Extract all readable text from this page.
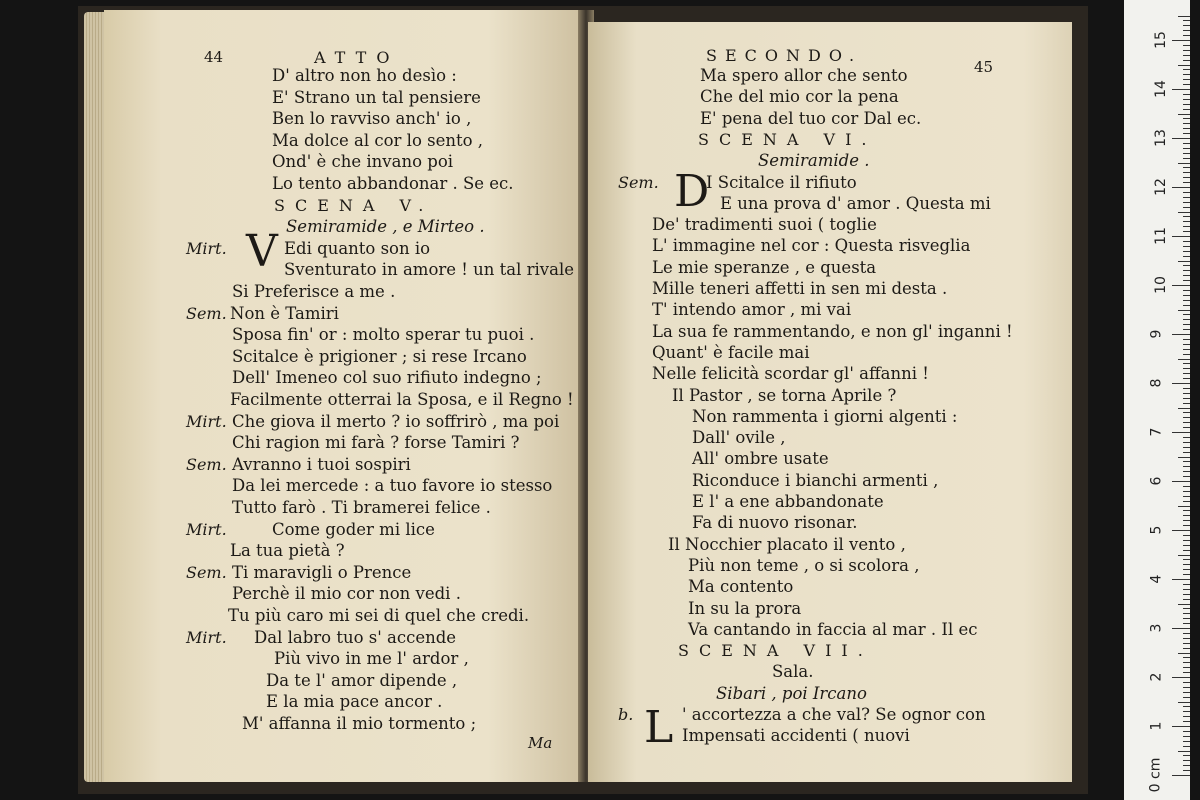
44	ATTO
D' altro non ho desìo :
E' Strano un tal pensiere
Ben lo ravviso anch' io ,
Ma dolce al cor lo sento ,
Ond' è che invano poi
Lo tento abbandonar . Se ec.
SCENA V.
Semiramide , e Mirteo .
Edi quanto son io
Mirt.
Sventurato in amore ! un tal rivale
Si Preferisce a me .
Non è Tamiri
Sem.
Sposa fin' or : molto sperar tu puoi .
Scitalce è prigioner ; si rese Ircano
Dell' Imeneo col suo rifiuto indegno ;
Facilmente otterrai la Sposa, e il Regno !
Che giova il merto ? io soffrirò , ma poi
Mirt.
Chi ragion mi farà ? forse Tamiri ?
Avranno i tuoi sospiri
Sem.
Da lei mercede : a tuo favore io stesso
Tutto farò . Ti bramerei felice .
Come goder mi lice
Mirt.
La tua pietà ?
Ti maravigli o Prence
Sem.
Perchè il mio cor non vedi .
Tu più caro mi sei di quel che credi.
Dal labro tuo s' accende
Mirt.
Più vivo in me l' ardor ,
Da te l' amor dipende ,
E la mia pace ancor .
M' affanna il mio tormento ;
V
Ma
SECONDO.
45
Ma spero allor che sento
Che del mio cor la pena
E' pena del tuo cor Dal ec.
SCENA VI.
Semiramide .
I Scitalce il rifiuto
Sem.
E una prova d' amor . Questa mi
De' tradimenti suoi ( toglie
L' immagine nel cor : Questa risveglia
Le mie speranze , e questa
Mille teneri affetti in sen mi desta .
T' intendo amor , mi vai
La sua fe rammentando, e non gl' inganni !
Quant' è facile mai
Nelle felicità scordar gl' affanni !
Il Pastor , se torna Aprile ?
Non rammenta i giorni algenti :
Dall' ovile ,
All' ombre usate
Riconduce i bianchi armenti ,
E l' a ene abbandonate
Fa di nuovo risonar.
Il Nocchier placato il vento ,
Più non teme , o si scolora ,
Ma contento
In su la prora
Va cantando in faccia al mar . Il ec
SCENA VII.
Sala.
Sibari , poi Ircano
' accortezza a che val? Se ognor con
b.
Impensati accidenti ( nuovi
D
L
0 cm
1
2
3
4
5
6
7
8
9
10
11
12
13
14
15
